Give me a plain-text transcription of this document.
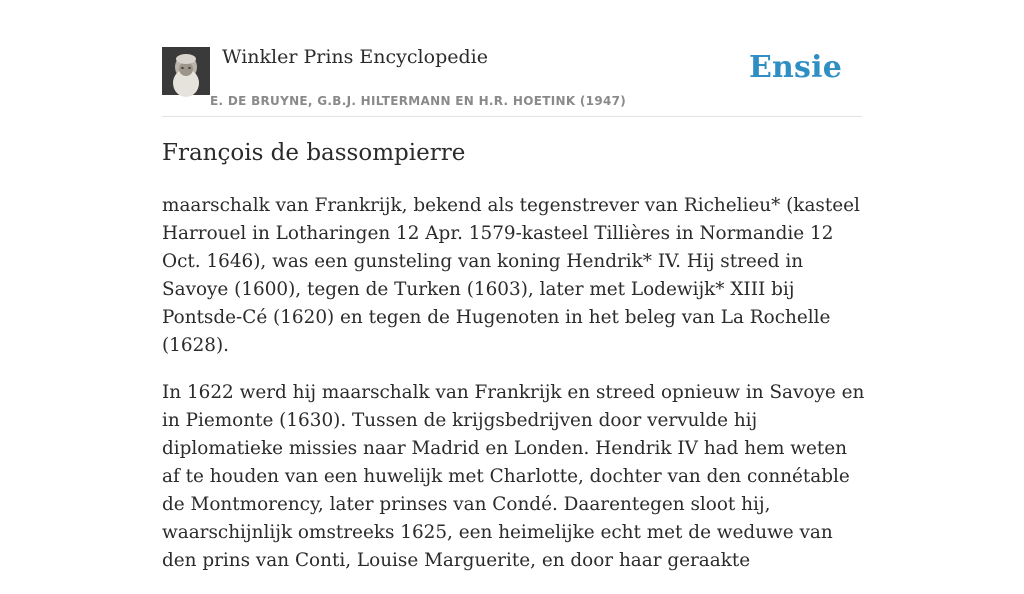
Winkler Prins Encyclopedie
E. DE BRUYNE, G.B.J. HILTERMANN EN H.R. HOETINK (1947)
Ensie
François de bassompierre

maarschalk van Frankrijk, bekend als tegenstrever van Richelieu* (kasteel Harrouel in Lotharingen 12 Apr. 1579-kasteel Tillières in Normandie 12 Oct. 1646), was een gunsteling van koning Hendrik* IV. Hij streed in Savoye (1600), tegen de Turken (1603), later met Lodewijk* XIII bij Pontsde-Cé (1620) en tegen de Hugenoten in het beleg van La Rochelle (1628).

In 1622 werd hij maarschalk van Frankrijk en streed opnieuw in Savoye en in Piemonte (1630). Tussen de krijgsbedrijven door vervulde hij diplomatieke missies naar Madrid en Londen. Hendrik IV had hem weten af te houden van een huwelijk met Charlotte, dochter van den connétable de Montmorency, later prinses van Condé. Daarentegen sloot hij, waarschijnlijk omstreeks 1625, een heimelijke echt met de weduwe van den prins van Conti, Louise Marguerite, en door haar geraakte
